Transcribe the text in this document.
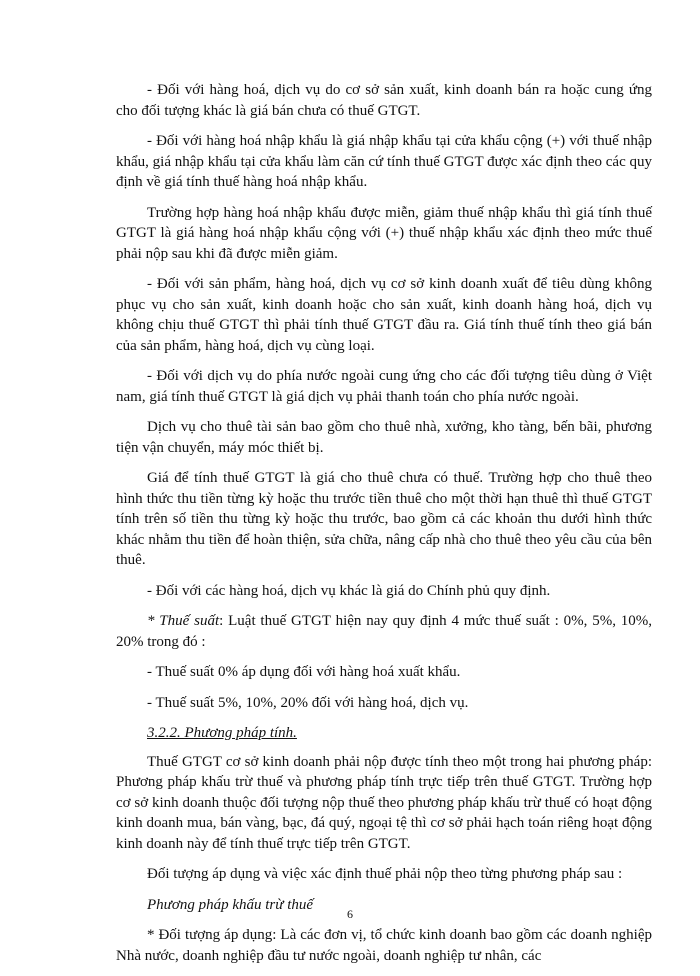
- Đối với hàng hoá, dịch vụ do cơ sở sản xuất, kinh doanh bán ra hoặc cung ứng cho đối tượng khác là giá bán chưa có thuế GTGT.

- Đối với hàng hoá nhập khẩu là giá nhập khẩu tại cửa khẩu cộng (+) với thuế nhập khẩu, giá nhập khẩu tại cửa khẩu làm căn cứ tính thuế GTGT được xác định theo các quy định về giá tính thuế hàng hoá nhập khẩu.

Trường hợp hàng hoá nhập khẩu được miễn, giảm thuế nhập khẩu thì giá tính thuế GTGT là giá hàng hoá nhập khẩu cộng với (+) thuế nhập khẩu xác định theo mức thuế phải nộp sau khi đã được miễn giảm.

- Đối với sản phẩm, hàng hoá, dịch vụ cơ sở kinh doanh xuất để tiêu dùng không phục vụ cho sản xuất, kinh doanh hoặc cho sản xuất, kinh doanh hàng hoá, dịch vụ không chịu thuế GTGT thì phải tính thuế GTGT đầu ra. Giá tính thuế tính theo giá bán của sản phẩm, hàng hoá, dịch vụ cùng loại.

- Đối với dịch vụ do phía nước ngoài cung ứng cho các đối tượng tiêu dùng ở Việt nam, giá tính thuế GTGT là giá dịch vụ phải thanh toán cho phía nước ngoài.

Dịch vụ cho thuê tài sản bao gồm cho thuê nhà, xưởng, kho tàng, bến bãi, phương tiện vận chuyển, máy móc thiết bị.

Giá để tính thuế GTGT là giá cho thuê chưa có thuế. Trường hợp cho thuê theo hình thức thu tiền từng kỳ hoặc thu trước tiền thuê cho một thời hạn thuê thì thuế GTGT tính trên số tiền thu từng kỳ hoặc thu trước, bao gồm cả các khoản thu dưới hình thức khác nhằm thu tiền để hoàn thiện, sửa chữa, nâng cấp nhà cho thuê theo yêu cầu của bên thuê.

- Đối với các hàng hoá, dịch vụ khác là giá do Chính phủ quy định.

* Thuế suất: Luật thuế GTGT hiện nay quy định 4 mức thuế suất : 0%, 5%, 10%, 20% trong đó :

- Thuế suất 0% áp dụng đối với hàng hoá xuất khẩu.

- Thuế suất 5%, 10%, 20% đối với hàng hoá, dịch vụ.

3.2.2. Phương pháp tính.

Thuế GTGT cơ sở kinh doanh phải nộp được tính theo một trong hai phương pháp: Phương pháp khấu trừ thuế và phương pháp tính trực tiếp trên thuế GTGT. Trường hợp cơ sở kinh doanh thuộc đối tượng nộp thuế theo phương pháp khấu trừ thuế có hoạt động kinh doanh mua, bán vàng, bạc, đá quý, ngoại tệ thì cơ sở phải hạch toán riêng hoạt động kinh doanh này để tính thuế trực tiếp trên GTGT.

Đối tượng áp dụng và việc xác định thuế phải nộp theo từng phương pháp sau :

Phương pháp khấu trừ thuế

* Đối tượng áp dụng: Là các đơn vị, tổ chức kinh doanh bao gồm các doanh nghiệp Nhà nước, doanh nghiệp đầu tư nước ngoài, doanh nghiệp tư nhân, các

6
